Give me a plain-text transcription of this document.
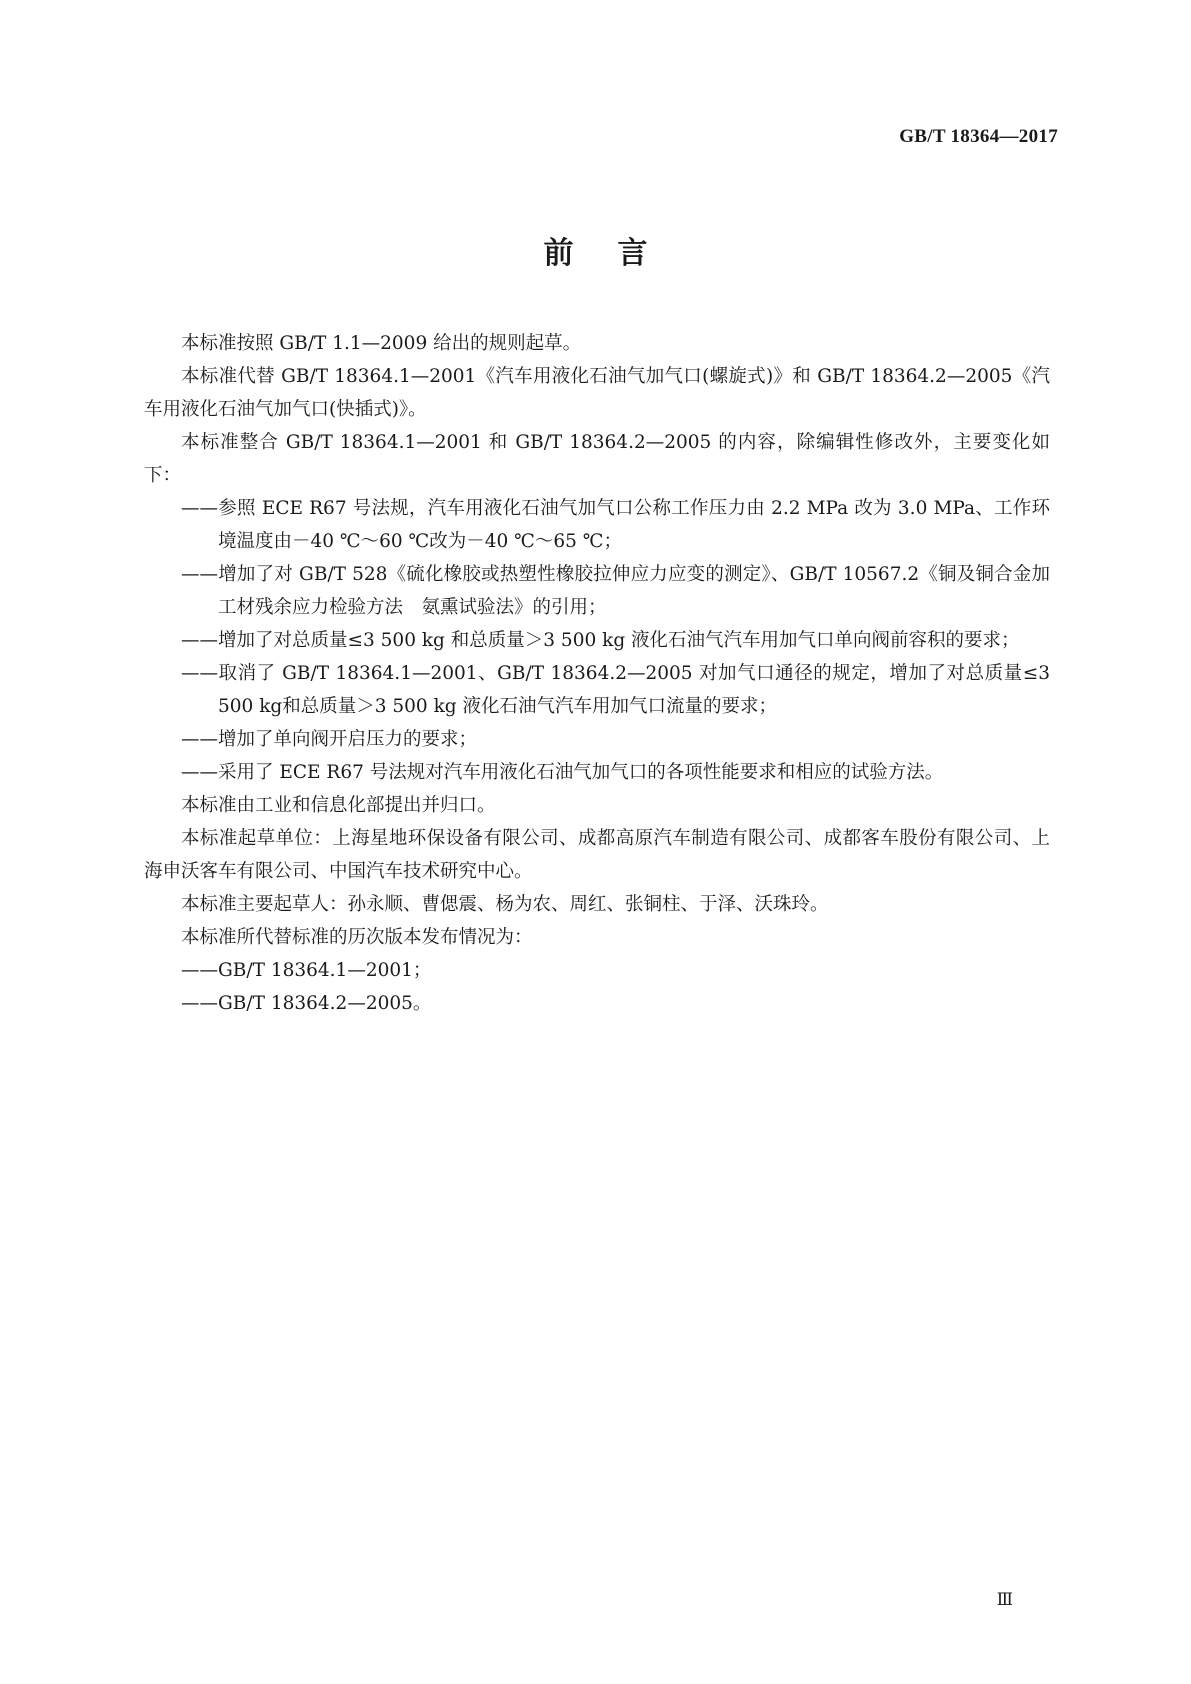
GB/T 18364—2017
前言

本标准按照 GB/T 1.1—2009 给出的规则起草。

本标准代替 GB/T 18364.1—2001《汽车用液化石油气加气口(螺旋式)》和 GB/T 18364.2—2005《汽车用液化石油气加气口(快插式)》。

本标准整合 GB/T 18364.1—2001 和 GB/T 18364.2—2005 的内容，除编辑性修改外，主要变化如下：

——参照 ECE R67 号法规，汽车用液化石油气加气口公称工作压力由 2.2 MPa 改为 3.0 MPa、工作环境温度由－40 ℃～60 ℃改为－40 ℃～65 ℃；

——增加了对 GB/T 528《硫化橡胶或热塑性橡胶拉伸应力应变的测定》、GB/T 10567.2《铜及铜合金加工材残余应力检验方法　氨熏试验法》的引用；

——增加了对总质量≤3 500 kg 和总质量＞3 500 kg 液化石油气汽车用加气口单向阀前容积的要求；

——取消了 GB/T 18364.1—2001、GB/T 18364.2—2005 对加气口通径的规定，增加了对总质量≤3 500 kg和总质量＞3 500 kg 液化石油气汽车用加气口流量的要求；

——增加了单向阀开启压力的要求；

——采用了 ECE R67 号法规对汽车用液化石油气加气口的各项性能要求和相应的试验方法。

本标准由工业和信息化部提出并归口。

本标准起草单位：上海星地环保设备有限公司、成都高原汽车制造有限公司、成都客车股份有限公司、上海申沃客车有限公司、中国汽车技术研究中心。

本标准主要起草人：孙永顺、曹偲震、杨为农、周红、张铜柱、于泽、沃珠玲。

本标准所代替标准的历次版本发布情况为：

——GB/T 18364.1—2001；

——GB/T 18364.2—2005。

Ⅲ
